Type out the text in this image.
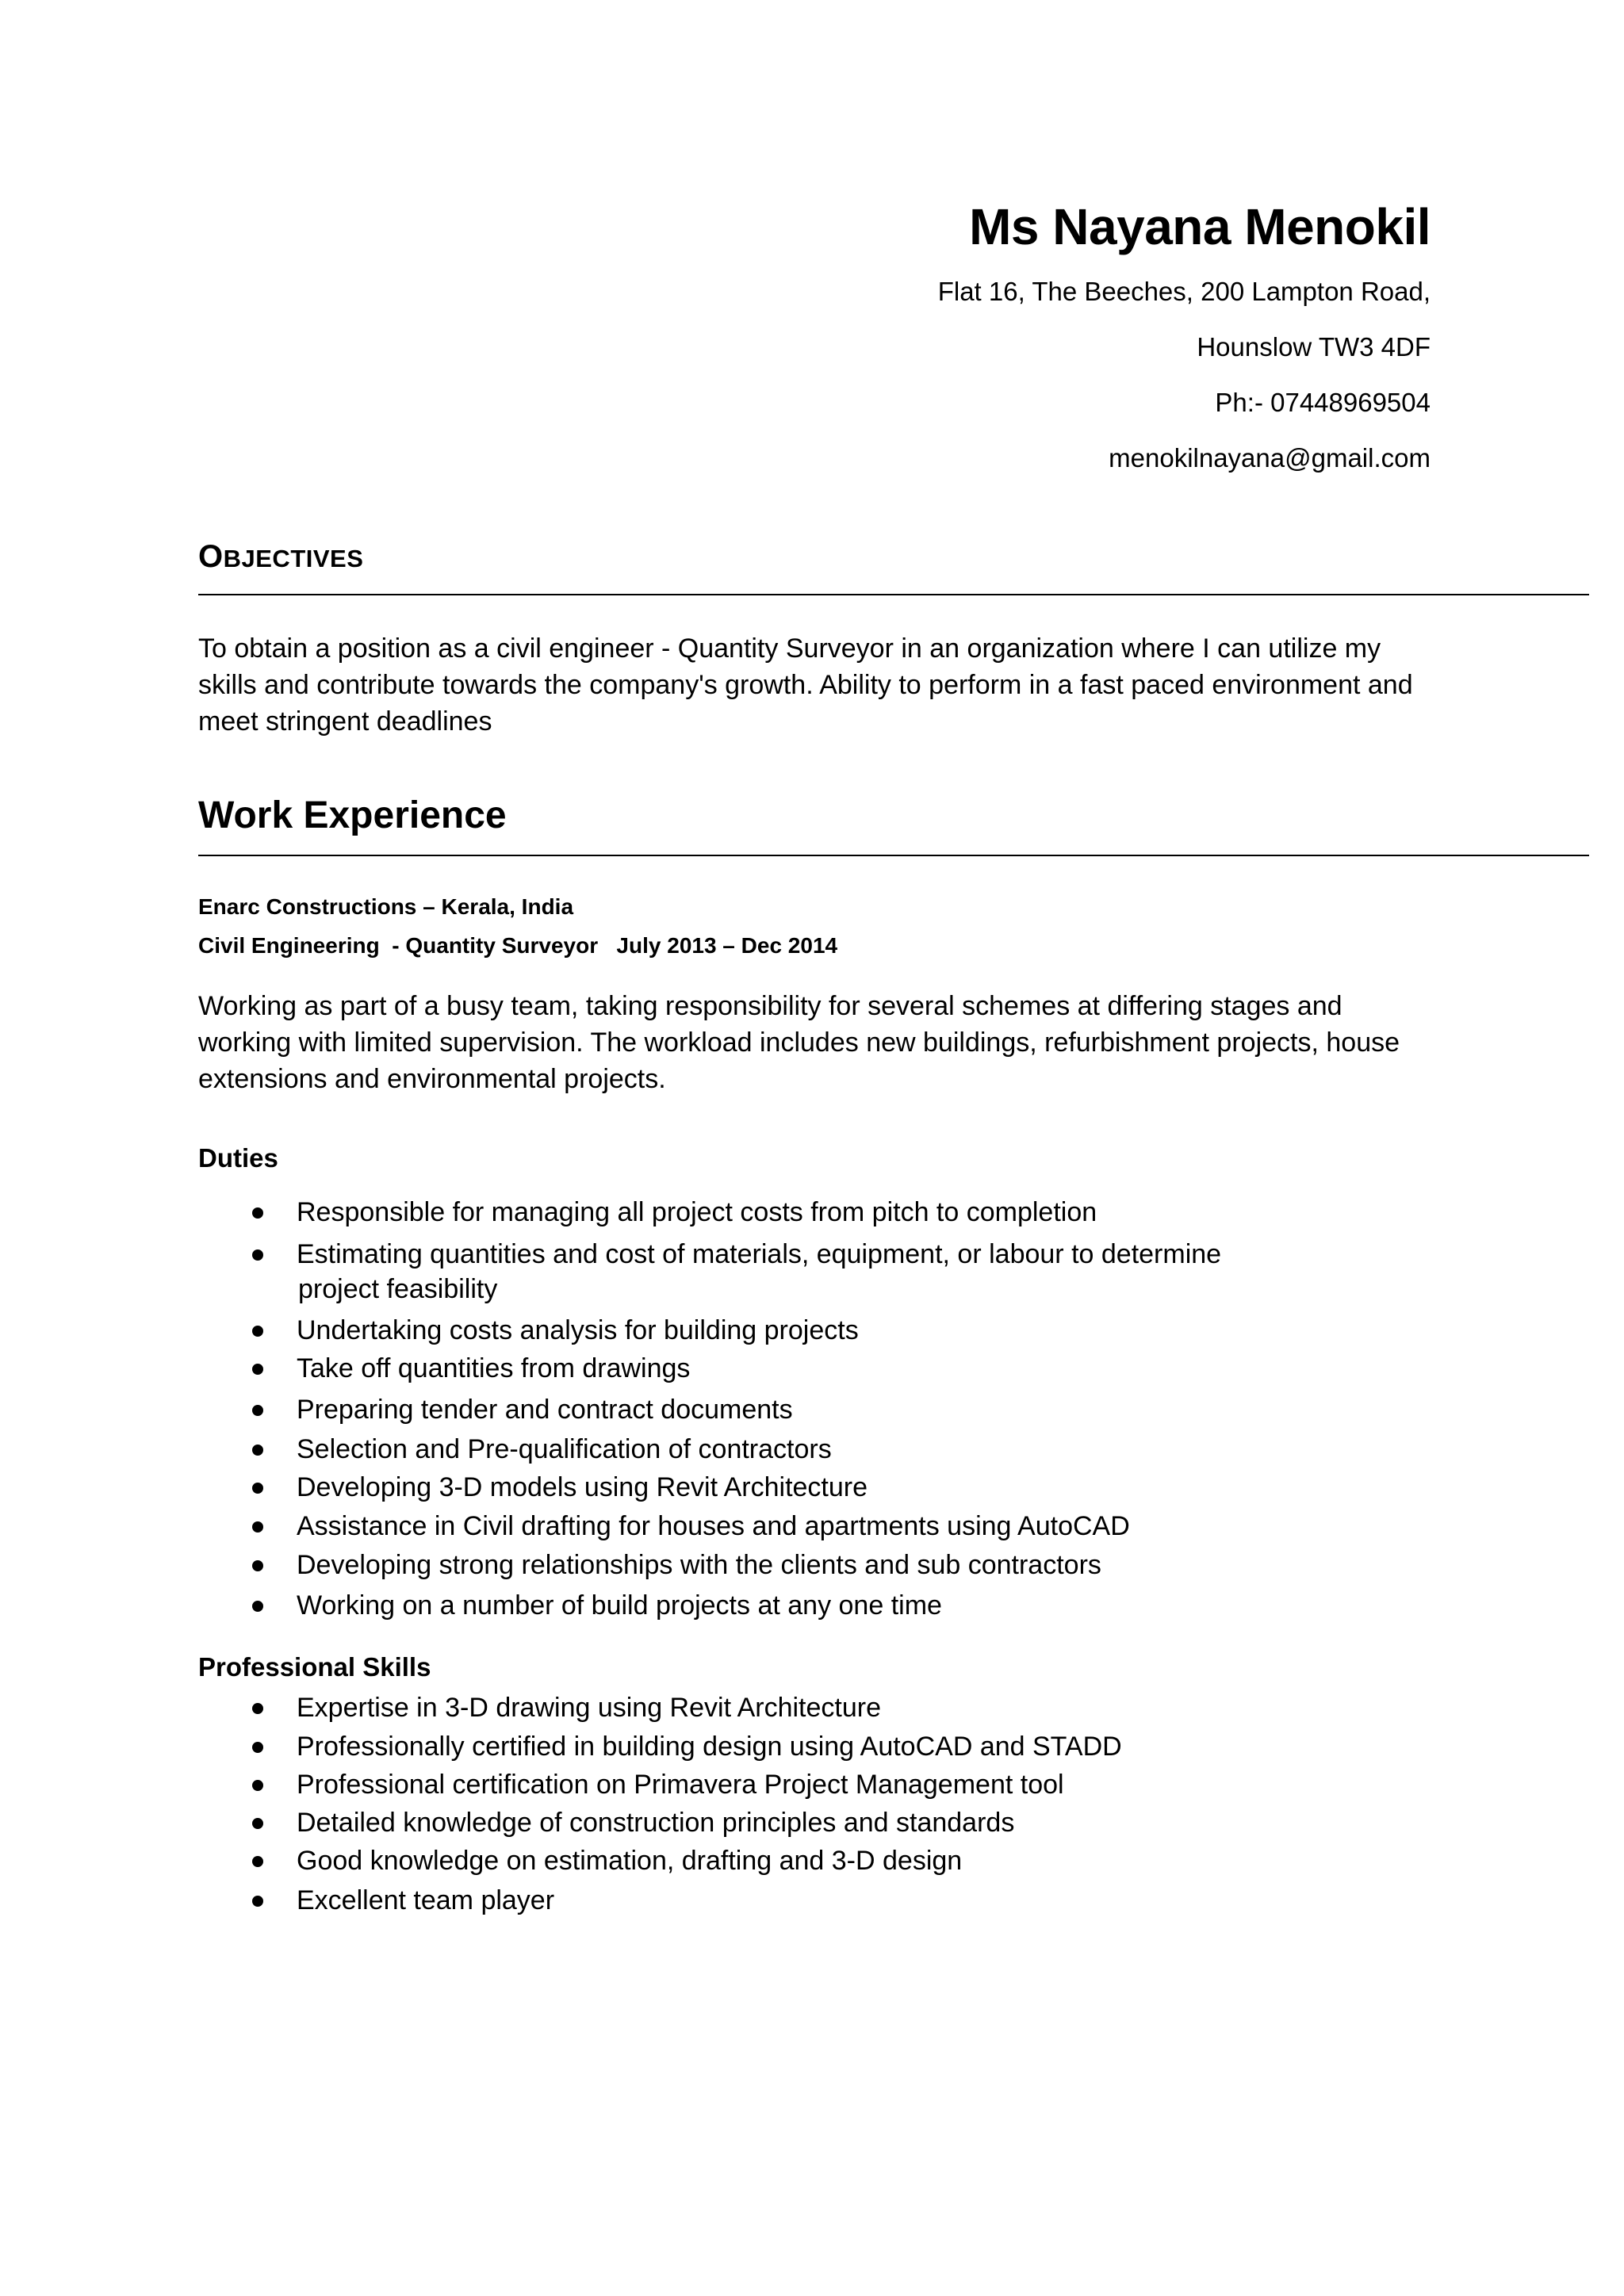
Ms Nayana Menokil
Flat 16, The Beeches, 200 Lampton Road,
Hounslow TW3 4DF
Ph:- 07448969504
menokilnayana@gmail.com
OBJECTIVES

To obtain a position as a civil engineer - Quantity Surveyor in an organization where I can utilize my skills and contribute towards the company's growth. Ability to perform in a fast paced environment and meet stringent deadlines

Work Experience

Enarc Constructions – Kerala, India

Civil Engineering  - Quantity Surveyor   July 2013 – Dec 2014

Working as part of a busy team, taking responsibility for several schemes at differing stages and working with limited supervision. The workload includes new buildings, refurbishment projects, house extensions and environmental projects.

Duties
Responsible for managing all project costs from pitch to completion
Estimating quantities and cost of materials, equipment, or labour to determine
project feasibility
Undertaking costs analysis for building projects
Take off quantities from drawings
Preparing tender and contract documents
Selection and Pre-qualification of contractors
Developing 3-D models using Revit Architecture
Assistance in Civil drafting for houses and apartments using AutoCAD
Developing strong relationships with the clients and sub contractors
Working on a number of build projects at any one time
Professional Skills
Expertise in 3-D drawing using Revit Architecture
Professionally certified in building design using AutoCAD and STADD
Professional certification on Primavera Project Management tool
Detailed knowledge of construction principles and standards
Good knowledge on estimation, drafting and 3-D design
Excellent team player
